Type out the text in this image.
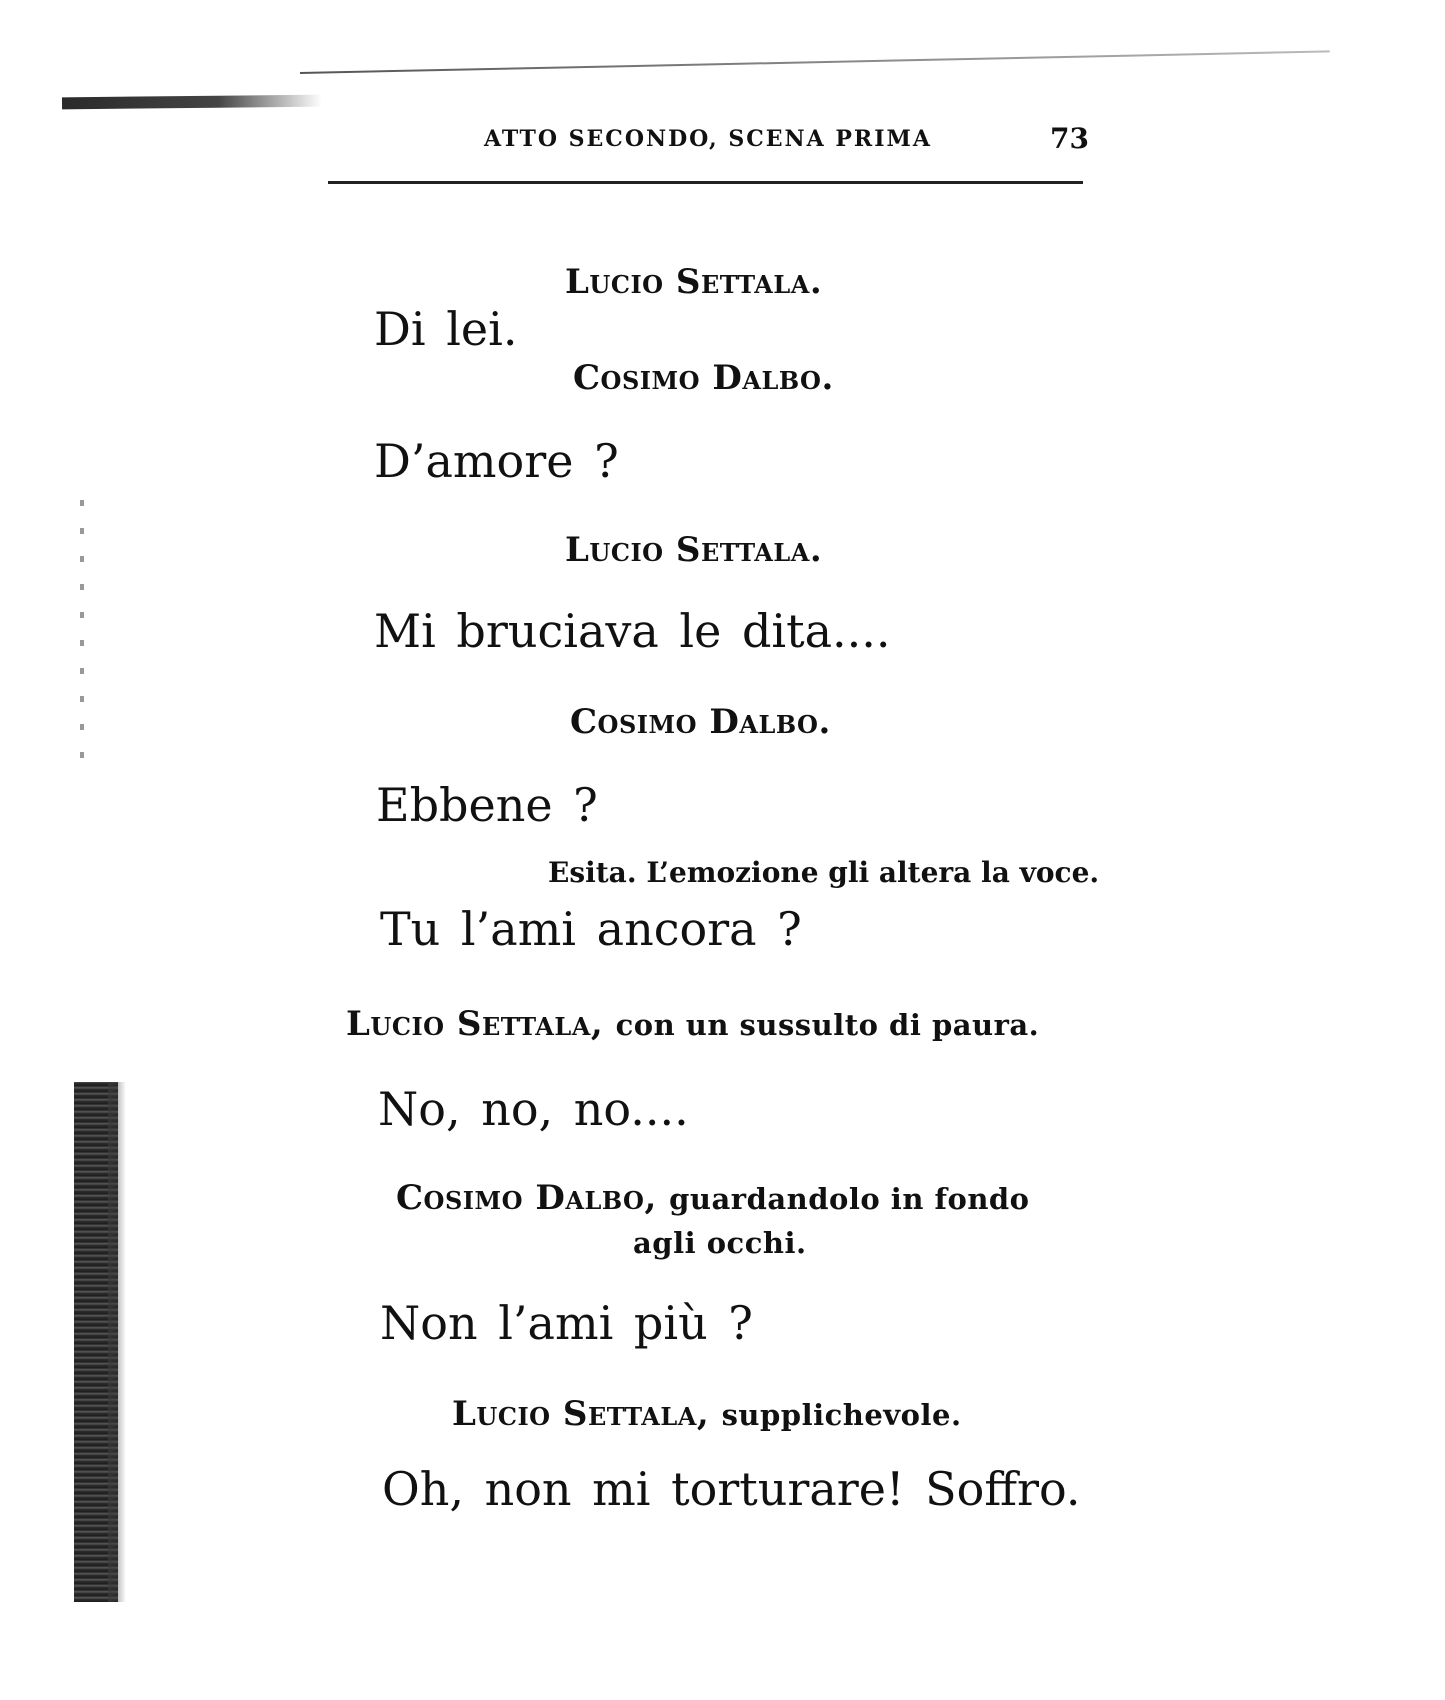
ATTO SECONDO, SCENA PRIMA	73
Lucio Settala.
Di lei.
Cosimo Dalbo.
D’amore ?
Lucio Settala.
Mi bruciava le dita....
Cosimo Dalbo.
Ebbene ?
Esita. L’emozione gli altera la voce.
Tu l’ami ancora ?
Lucio Settala, con un sussulto di paura.
No, no, no....
Cosimo Dalbo, guardandolo in fondo
agli occhi.
Non l’ami più ?
Lucio Settala, supplichevole.
Oh, non mi torturare! Soffro.
